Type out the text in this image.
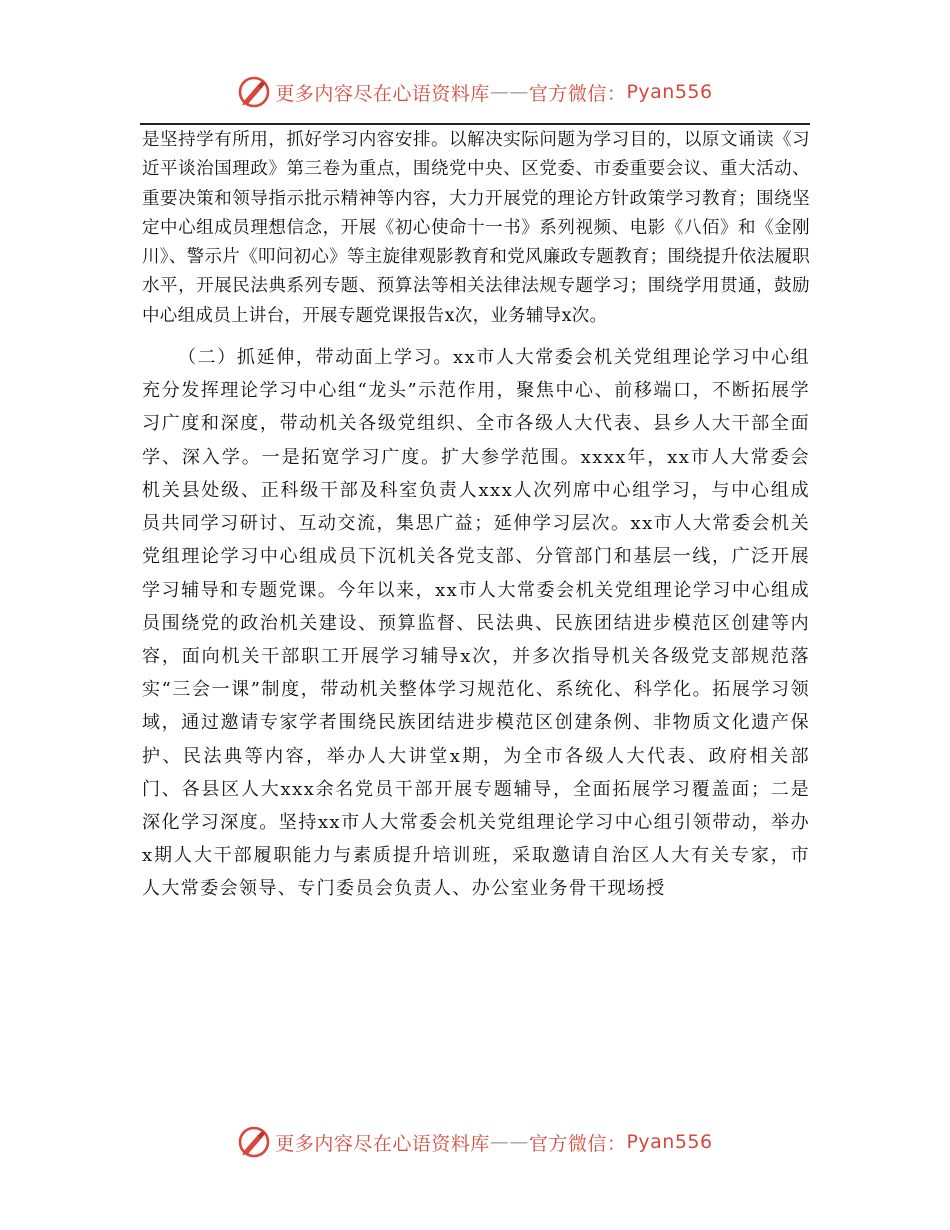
更多内容尽在心语资料库 —— 官方微信： Pyan556

是坚持学有所用，抓好学习内容安排。以解决实际问题为学习目的，以原文诵读《习近平谈治国理政》第三卷为重点，围绕党中央、区党委、市委重要会议、重大活动、重要决策和领导指示批示精神等内容，大力开展党的理论方针政策学习教育；围绕坚定中心组成员理想信念，开展《初心使命十一书》系列视频、电影《八佰》和《金刚川》、警示片《叩问初心》等主旋律观影教育和党风廉政专题教育；围绕提升依法履职水平，开展民法典系列专题、预算法等相关法律法规专题学习；围绕学用贯通，鼓励中心组成员上讲台，开展专题党课报告x次，业务辅导x次。

（二）抓延伸，带动面上学习。xx市人大常委会机关党组理论学习中心组充分发挥理论学习中心组“龙头”示范作用，聚焦中心、前移端口，不断拓展学习广度和深度，带动机关各级党组织、全市各级人大代表、县乡人大干部全面学、深入学。一是拓宽学习广度。扩大参学范围。xxxx年，xx市人大常委会机关县处级、正科级干部及科室负责人xxx人次列席中心组学习，与中心组成员共同学习研讨、互动交流，集思广益；延伸学习层次。xx市人大常委会机关党组理论学习中心组成员下沉机关各党支部、分管部门和基层一线，广泛开展学习辅导和专题党课。今年以来，xx市人大常委会机关党组理论学习中心组成员围绕党的政治机关建设、预算监督、民法典、民族团结进步模范区创建等内容，面向机关干部职工开展学习辅导x次，并多次指导机关各级党支部规范落实“三会一课”制度，带动机关整体学习规范化、系统化、科学化。拓展学习领域，通过邀请专家学者围绕民族团结进步模范区创建条例、非物质文化遗产保护、民法典等内容，举办人大讲堂x期，为全市各级人大代表、政府相关部门、各县区人大xxx余名党员干部开展专题辅导，全面拓展学习覆盖面；二是深化学习深度。坚持xx市人大常委会机关党组理论学习中心组引领带动，举办x期人大干部履职能力与素质提升培训班，采取邀请自治区人大有关专家，市人大常委会领导、专门委员会负责人、办公室业务骨干现场授

更多内容尽在心语资料库 —— 官方微信： Pyan556
